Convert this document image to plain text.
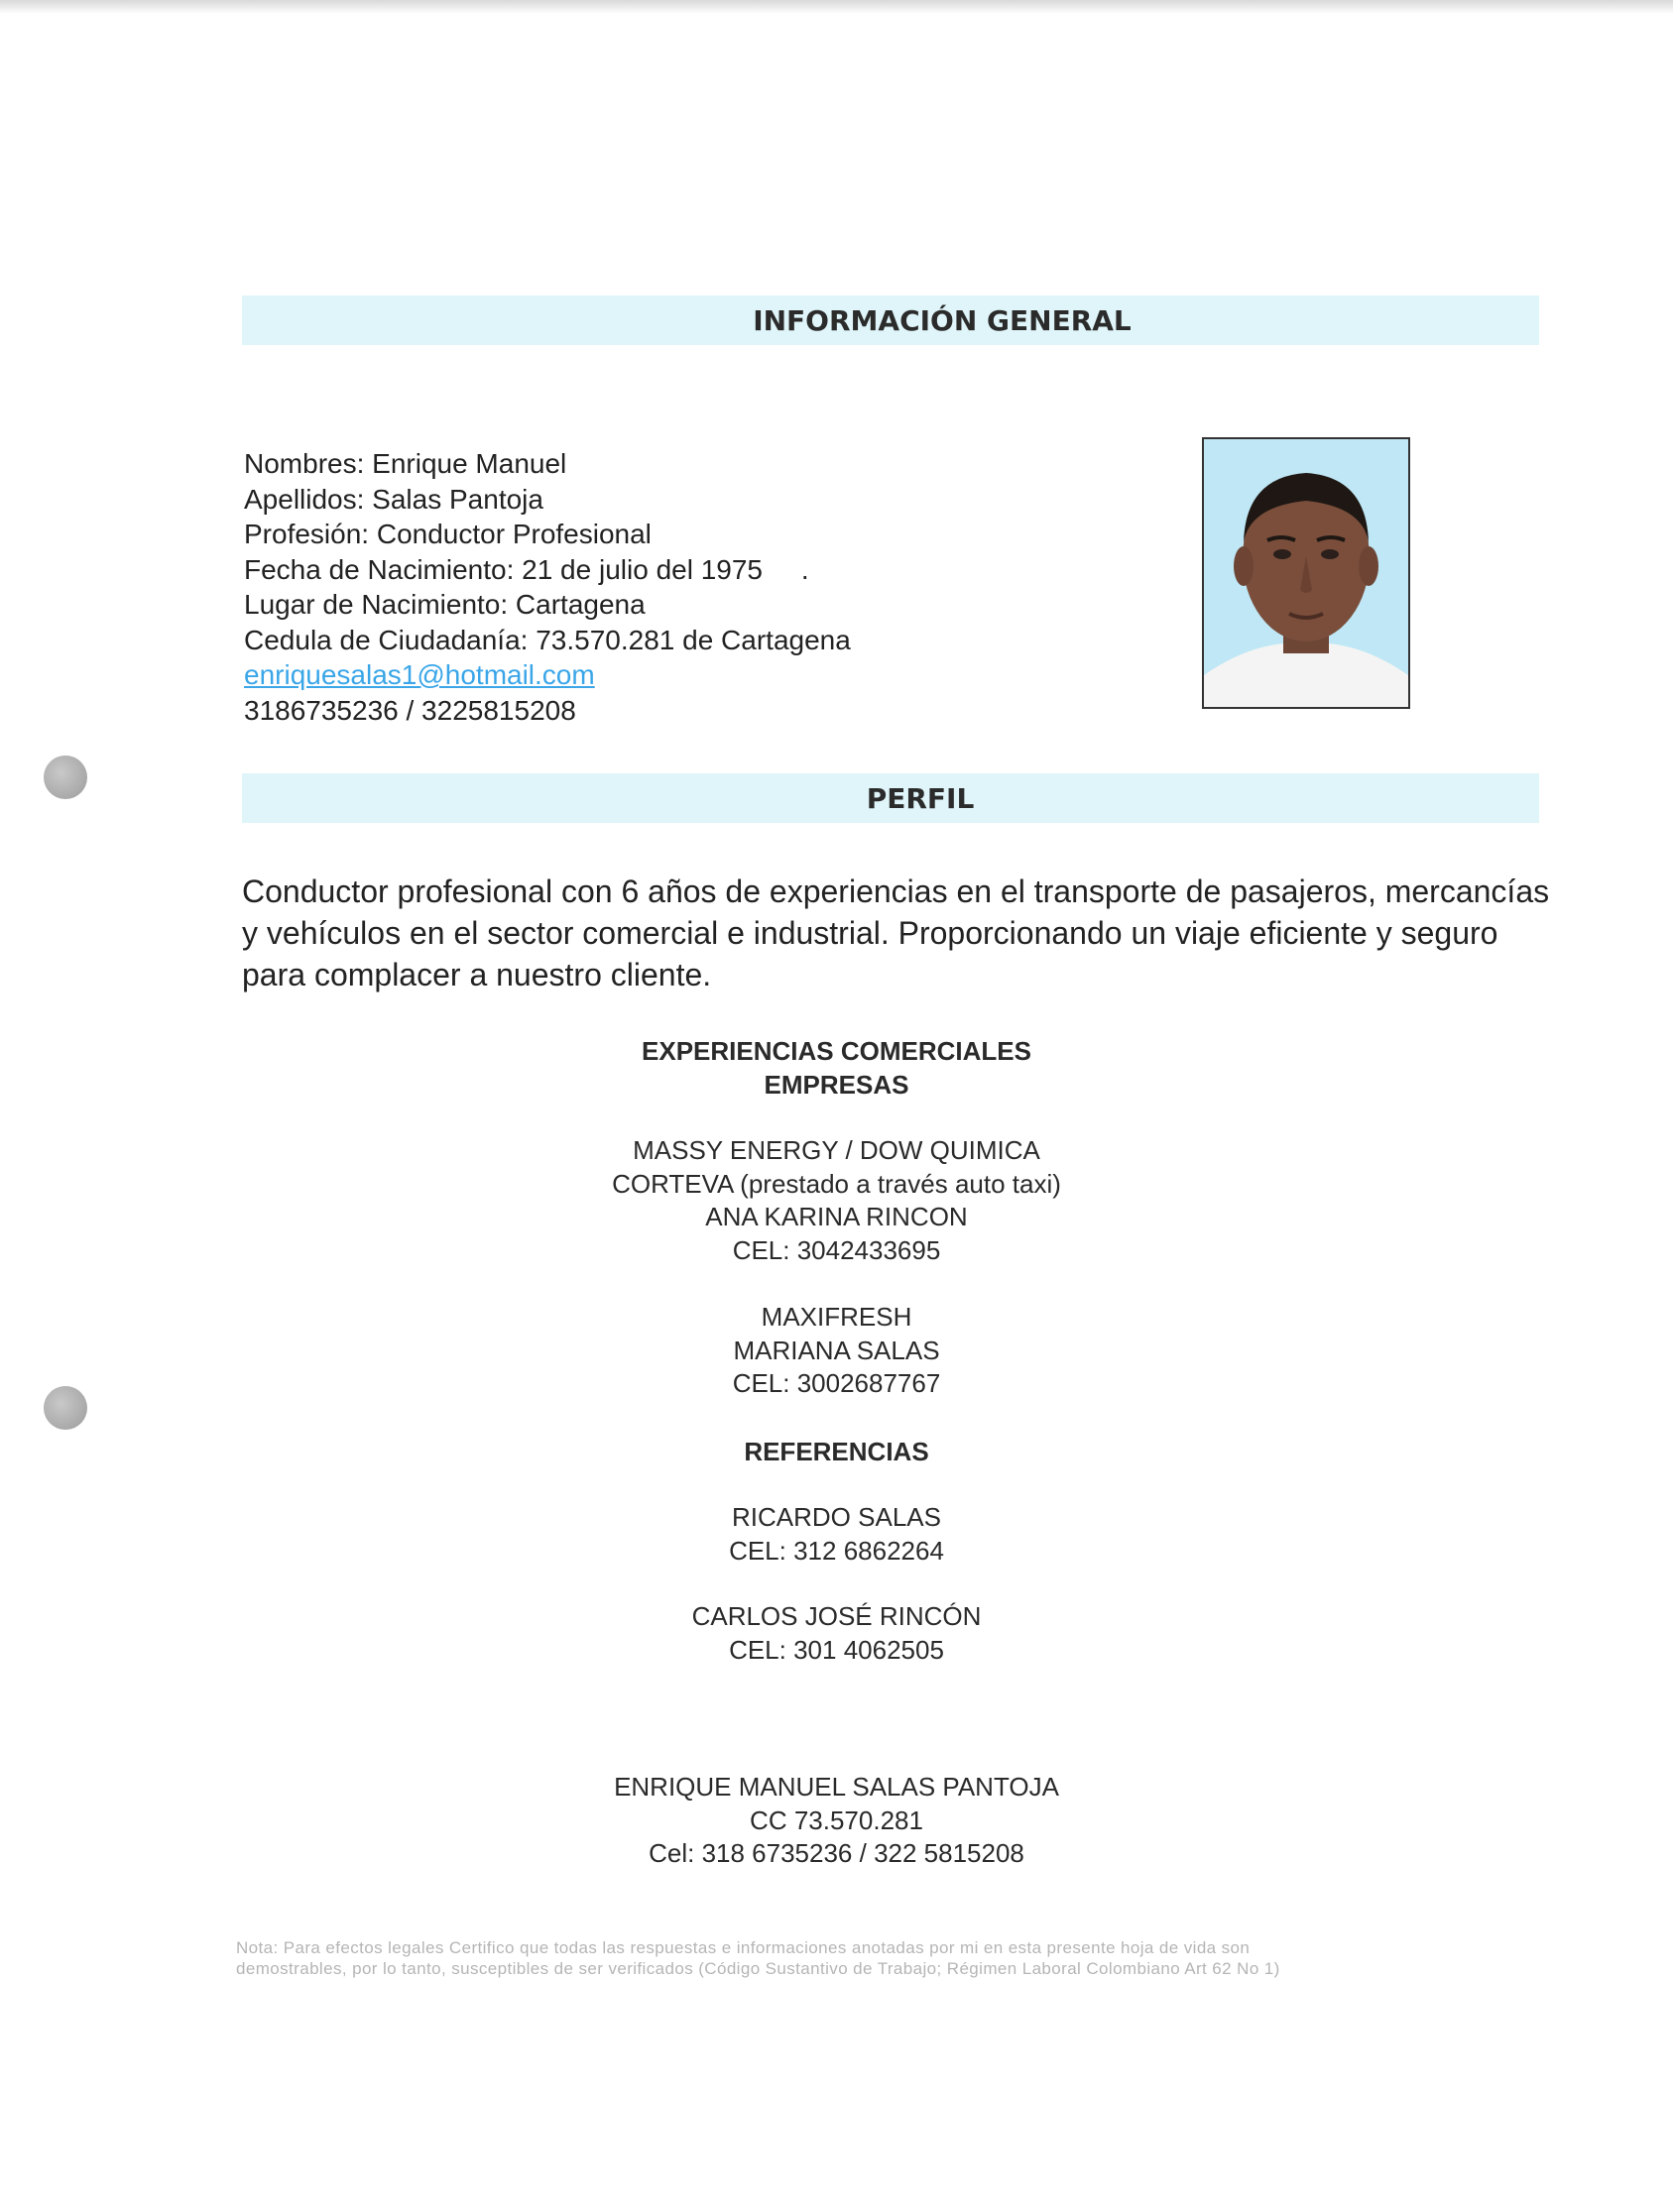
INFORMACIÓN GENERAL
Nombres: Enrique Manuel
Apellidos: Salas Pantoja
Profesión: Conductor Profesional
Fecha de Nacimiento: 21 de julio del 1975     .
Lugar de Nacimiento: Cartagena
Cedula de Ciudadanía: 73.570.281 de Cartagena
enriquesalas1@hotmail.com
3186735236 / 3225815208
PERFIL
Conductor profesional con 6 años de experiencias en el transporte de pasajeros, mercancías y vehículos en el sector comercial e industrial. Proporcionando un viaje eficiente y seguro para complacer a nuestro cliente.
EXPERIENCIAS COMERCIALES
EMPRESAS
MASSY ENERGY / DOW QUIMICA
CORTEVA (prestado a través auto taxi)
ANA KARINA RINCON
CEL: 3042433695
MAXIFRESH
MARIANA SALAS
CEL: 3002687767
REFERENCIAS
RICARDO SALAS
CEL: 312 6862264
CARLOS JOSÉ RINCÓN
CEL: 301 4062505
ENRIQUE MANUEL SALAS PANTOJA
CC 73.570.281
Cel: 318 6735236 / 322 5815208
Nota: Para efectos legales Certifico que todas las respuestas e informaciones anotadas por mi en esta presente hoja de vida son demostrables, por lo tanto, susceptibles de ser verificados (Código Sustantivo de Trabajo; Régimen Laboral Colombiano Art 62 No 1)
